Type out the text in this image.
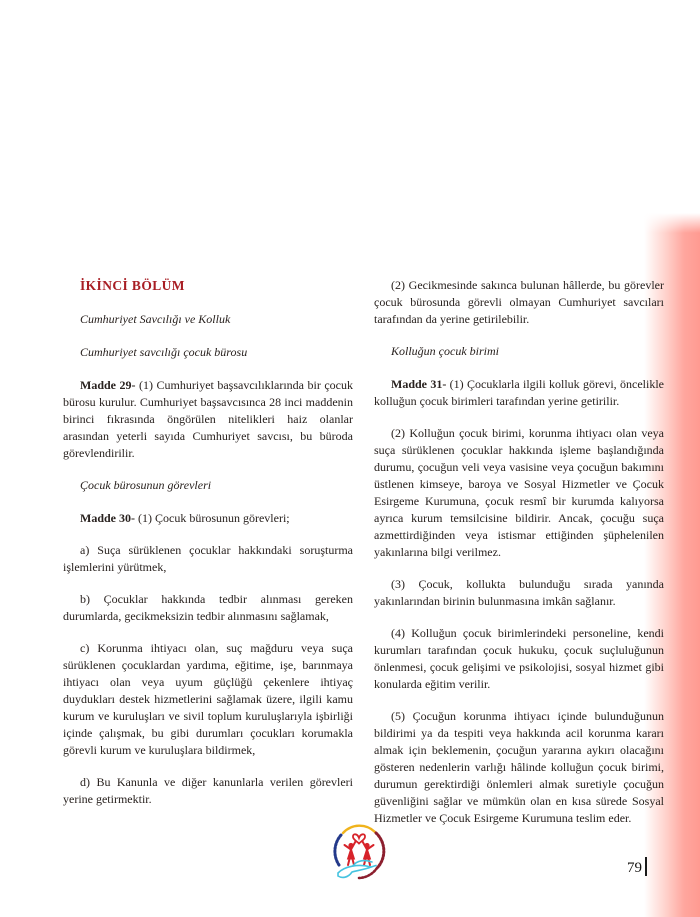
İKİNCİ BÖLÜM
Cumhuriyet Savcılığı ve Kolluk
Cumhuriyet savcılığı çocuk bürosu

Madde 29- (1) Cumhuriyet başsavcılıklarında bir çocuk bürosu kurulur. Cumhuriyet başsavcısınca 28 inci maddenin birinci fıkrasında öngörülen nitelikleri haiz olanlar arasından yeterli sayıda Cumhuriyet savcısı, bu büroda görevlendirilir.

Çocuk bürosunun görevleri

Madde 30- (1) Çocuk bürosunun görevleri;

a) Suça sürüklenen çocuklar hakkındaki soruşturma işlemlerini yürütmek,

b) Çocuklar hakkında tedbir alınması gereken durumlarda, gecikmeksizin tedbir alınmasını sağlamak,

c) Korunma ihtiyacı olan, suç mağduru veya suça sürüklenen çocuklardan yardıma, eğitime, işe, barınmaya ihtiyacı olan veya uyum güçlüğü çekenlere ihtiyaç duydukları destek hizmetlerini sağlamak üzere, ilgili kamu kurum ve kuruluşları ve sivil toplum kuruluşlarıyla işbirliği içinde çalışmak, bu gibi durumları çocukları korumakla görevli kurum ve kuruluşlara bildirmek,

d) Bu Kanunla ve diğer kanunlarla verilen görevleri yerine getirmektir.

(2) Gecikmesinde sakınca bulunan hâllerde, bu görevler çocuk bürosunda görevli olmayan Cumhuriyet savcıları tarafından da yerine getirilebilir.

Kolluğun çocuk birimi

Madde 31- (1) Çocuklarla ilgili kolluk görevi, öncelikle kolluğun çocuk birimleri tarafından yerine getirilir.

(2) Kolluğun çocuk birimi, korunma ihtiyacı olan veya suça sürüklenen çocuklar hakkında işleme başlandığında durumu, çocuğun veli veya vasisine veya çocuğun bakımını üstlenen kimseye, baroya ve Sosyal Hizmetler ve Çocuk Esirgeme Kurumuna, çocuk resmî bir kurumda kalıyorsa ayrıca kurum temsilcisine bildirir. Ancak, çocuğu suça azmettirdiğinden veya istismar ettiğinden şüphelenilen yakınlarına bilgi verilmez.

(3) Çocuk, kollukta bulunduğu sırada yanında yakınlarından birinin bulunmasına imkân sağlanır.

(4) Kolluğun çocuk birimlerindeki personeline, kendi kurumları tarafından çocuk hukuku, çocuk suçluluğunun önlenmesi, çocuk gelişimi ve psikolojisi, sosyal hizmet gibi konularda eğitim verilir.

(5) Çocuğun korunma ihtiyacı içinde bulunduğunun bildirimi ya da tespiti veya hakkında acil korunma kararı almak için beklemenin, çocuğun yararına aykırı olacağını gösteren nedenlerin varlığı hâlinde kolluğun çocuk birimi, durumun gerektirdiği önlemleri almak suretiyle çocuğun güvenliğini sağlar ve mümkün olan en kısa sürede Sosyal Hizmetler ve Çocuk Esirgeme Kurumuna teslim eder.

79
